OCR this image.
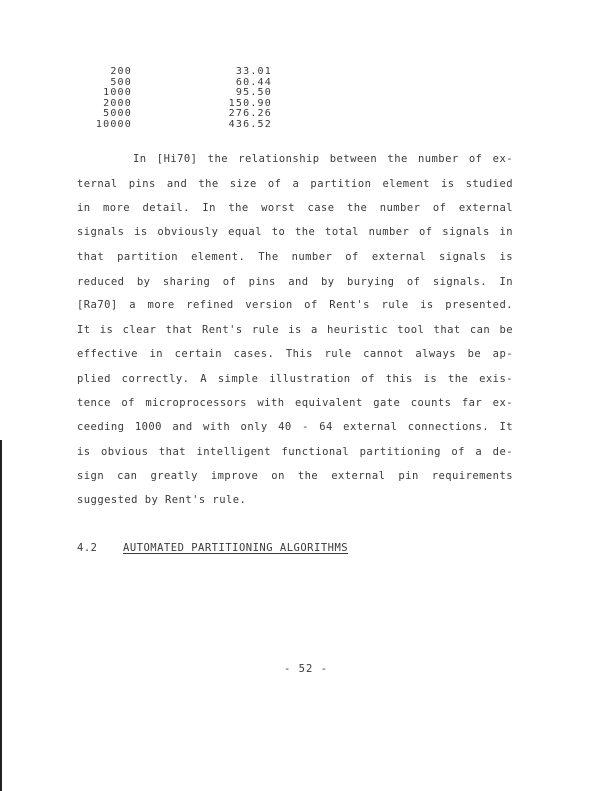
200	33.01
500	60.44
1000	95.50
2000	150.90
5000	276.26
10000	436.52
In [Hi70] the relationship between the number of ex-
ternal pins and the size of a partition element is studied
in more detail. In the worst case the number of external
signals is obviously equal to the total number of signals in
that partition element. The number of external signals is
reduced by sharing of pins and by burying of signals. In
[Ra70] a more refined version of Rent's rule is presented.
It is clear that Rent's rule is a heuristic tool that can be
effective in certain cases. This rule cannot always be ap-
plied correctly. A simple illustration of this is the exis-
tence of microprocessors with equivalent gate counts far ex-
ceeding 1000 and with only 40 - 64 external connections. It
is obvious that intelligent functional partitioning of a de-
sign can greatly improve on the external pin requirements
suggested by Rent's rule.
4.2 AUTOMATED PARTITIONING ALGORITHMS
- 52 -
